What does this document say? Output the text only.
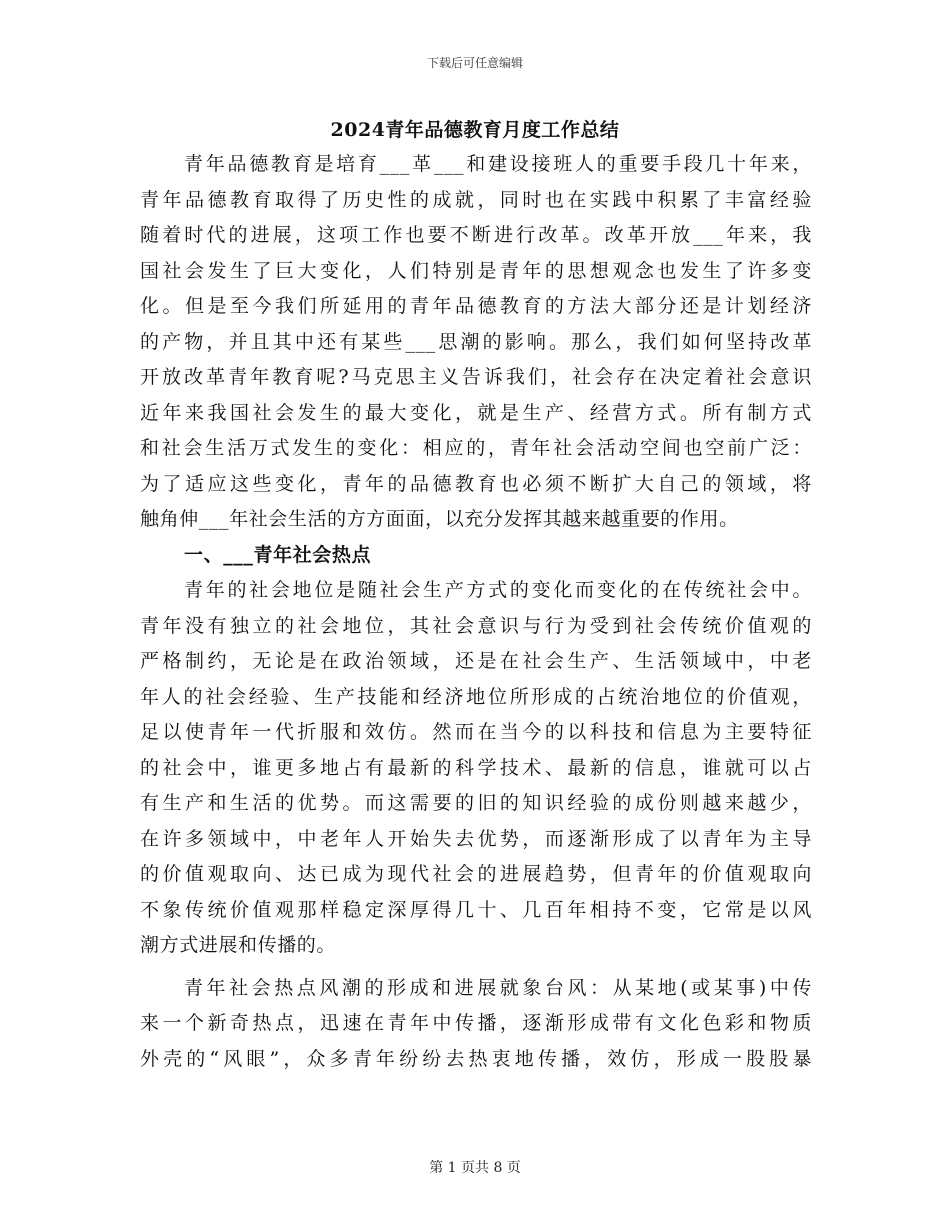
下载后可任意编辑
2024青年品德教育月度工作总结
青年品德教育是培育___革___和建设接班人的重要手段几十年来，
青年品德教育取得了历史性的成就，同时也在实践中积累了丰富经验
随着时代的进展，这项工作也要不断进行改革。改革开放___年来，我
国社会发生了巨大变化，人们特别是青年的思想观念也发生了许多变
化。但是至今我们所延用的青年品德教育的方法大部分还是计划经济
的产物，并且其中还有某些___思潮的影响。那么，我们如何坚持改革
开放改革青年教育呢?马克思主义告诉我们，社会存在决定着社会意识
近年来我国社会发生的最大变化，就是生产、经营方式。所有制方式
和社会生活万式发生的变化：相应的，青年社会活动空间也空前广泛：
为了适应这些变化，青年的品德教育也必须不断扩大自己的领域，将
触角伸___年社会生活的方方面面，以充分发挥其越来越重要的作用。
一、___青年社会热点
青年的社会地位是随社会生产方式的变化而变化的在传统社会中。
青年没有独立的社会地位，其社会意识与行为受到社会传统价值观的
严格制约，无论是在政治领域，还是在社会生产、生活领域中，中老
年人的社会经验、生产技能和经济地位所形成的占统治地位的价值观，
足以使青年一代折服和效仿。然而在当今的以科技和信息为主要特征
的社会中，谁更多地占有最新的科学技术、最新的信息，谁就可以占
有生产和生活的优势。而这需要的旧的知识经验的成份则越来越少，
在许多领域中，中老年人开始失去优势，而逐渐形成了以青年为主导
的价值观取向、达已成为现代社会的进展趋势，但青年的价值观取向
不象传统价值观那样稳定深厚得几十、几百年相持不变，它常是以风
潮方式进展和传播的。
青年社会热点风潮的形成和进展就象台风：从某地(或某事)中传
来一个新奇热点，迅速在青年中传播，逐渐形成带有文化色彩和物质
外壳的“风眼”，众多青年纷纷去热衷地传播，效仿，形成一股股暴
第 1 页共 8 页
